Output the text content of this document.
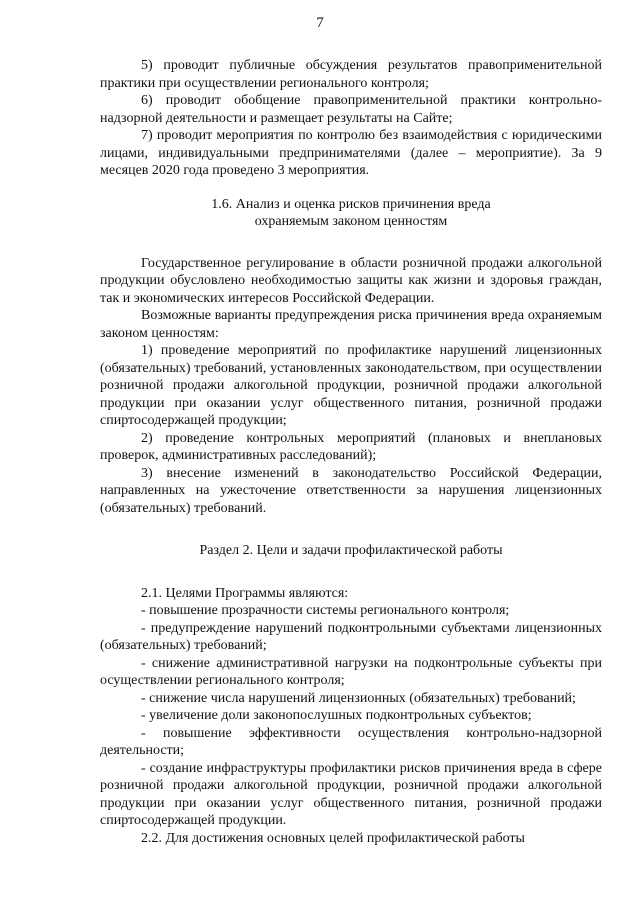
7

5) проводит публичные обсуждения результатов правоприменительной практики при осуществлении регионального контроля;

6) проводит обобщение правоприменительной практики контрольно-надзорной деятельности и размещает результаты на Сайте;

7) проводит мероприятия по контролю без взаимодействия с юридическими лицами, индивидуальными предпринимателями (далее – мероприятие). За 9 месяцев 2020 года проведено 3 мероприятия.

1.6. Анализ и оценка рисков причинения вреда
охраняемым законом ценностям

Государственное регулирование в области розничной продажи алкогольной продукции обусловлено необходимостью защиты как жизни и здоровья граждан, так и экономических интересов Российской Федерации.

Возможные варианты предупреждения риска причинения вреда охраняемым законом ценностям:

1) проведение мероприятий по профилактике нарушений лицензионных (обязательных) требований, установленных законодательством, при осуществлении розничной продажи алкогольной продукции, розничной продажи алкогольной продукции при оказании услуг общественного питания, розничной продажи спиртосодержащей продукции;

2) проведение контрольных мероприятий (плановых и внеплановых проверок, административных расследований);

3) внесение изменений в законодательство Российской Федерации, направленных на ужесточение ответственности за нарушения лицензионных (обязательных) требований.

Раздел 2. Цели и задачи профилактической работы

2.1. Целями Программы являются:

- повышение прозрачности системы регионального контроля;

- предупреждение нарушений подконтрольными субъектами лицензионных (обязательных) требований;

- снижение административной нагрузки на подконтрольные субъекты при осуществлении регионального контроля;

- снижение числа нарушений лицензионных (обязательных) требований;

- увеличение доли законопослушных подконтрольных субъектов;

- повышение эффективности осуществления контрольно-надзорной деятельности;

- создание инфраструктуры профилактики рисков причинения вреда в сфере розничной продажи алкогольной продукции, розничной продажи алкогольной продукции при оказании услуг общественного питания, розничной продажи спиртосодержащей продукции.

2.2. Для достижения основных целей профилактической работы
